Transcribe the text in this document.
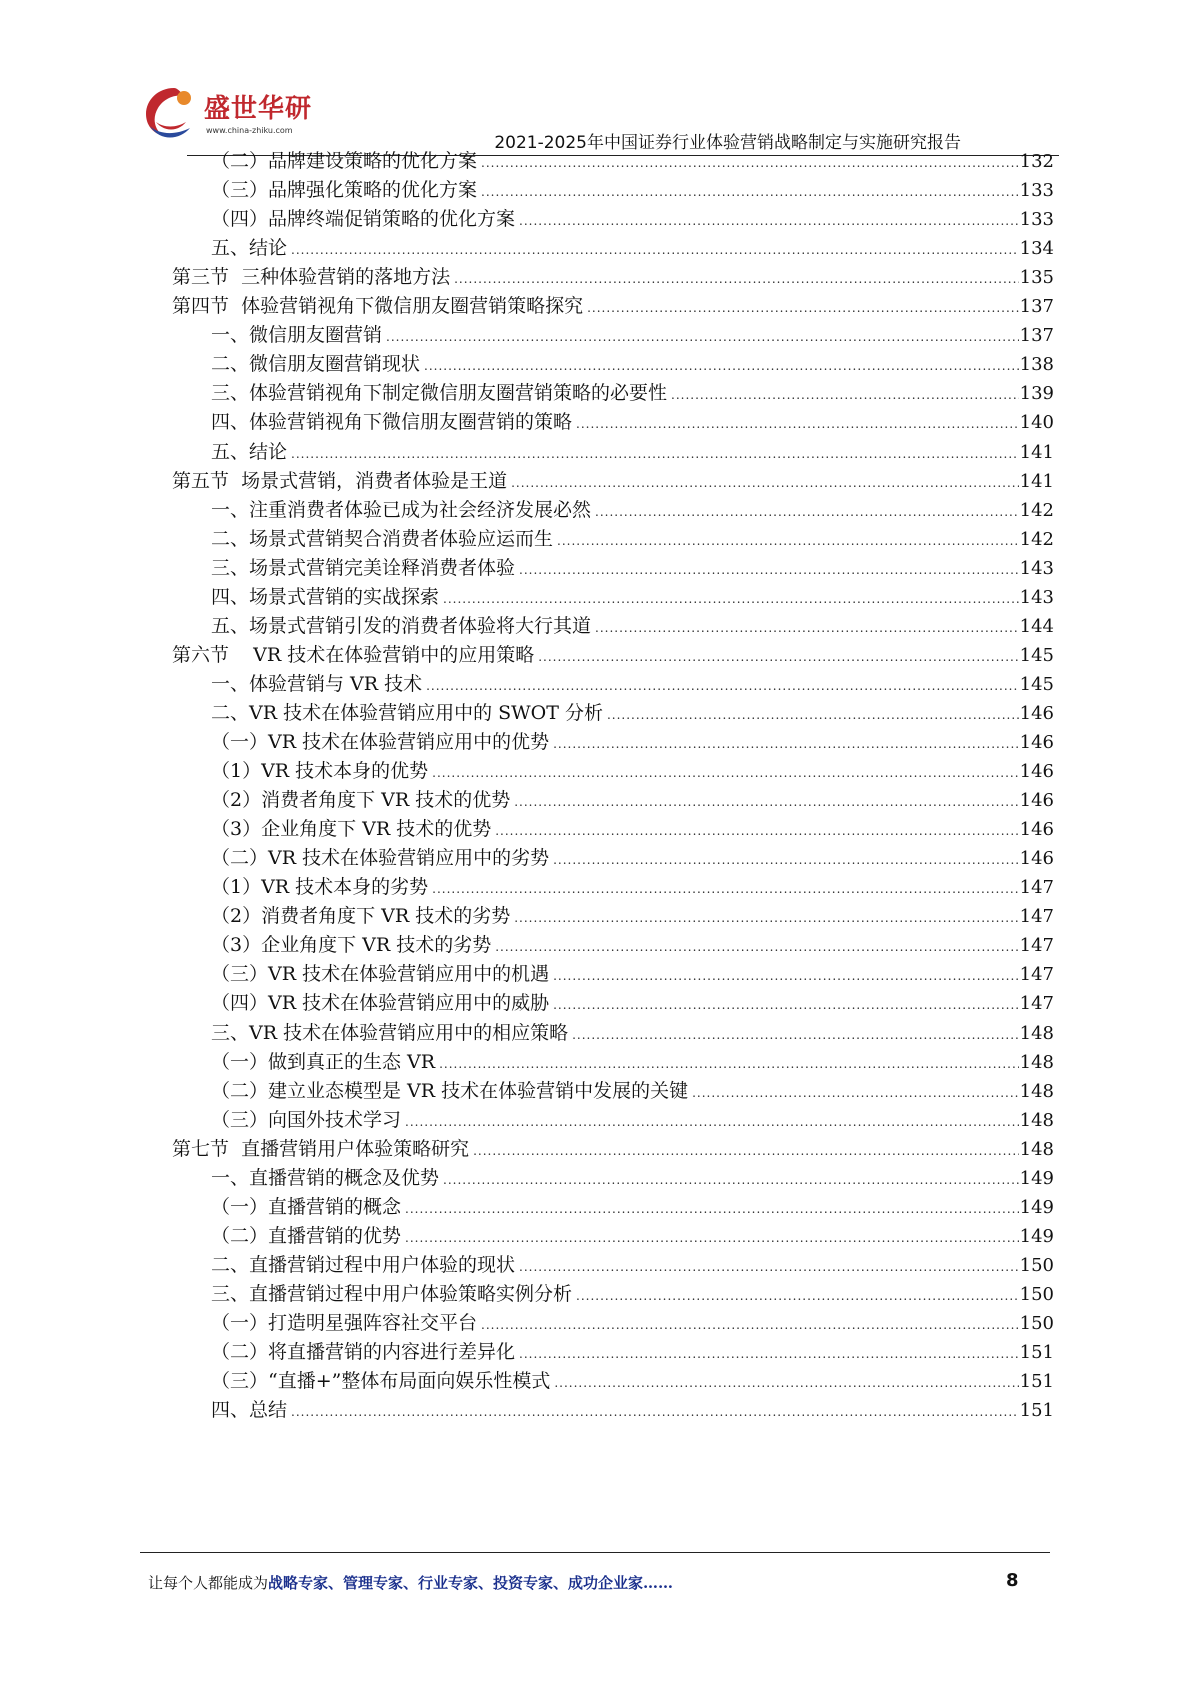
盛世华研
www.china-zhiku.com
2021-2025年中国证券行业体验营销战略制定与实施研究报告
（二）品牌建设策略的优化方案 .....	132
（三）品牌强化策略的优化方案 .....	133
（四）品牌终端促销策略的优化方案 .....	133
五、结论 .....	134
第三节  三种体验营销的落地方法 .....	135
第四节  体验营销视角下微信朋友圈营销策略探究 .....	137
一、微信朋友圈营销 .....	137
二、微信朋友圈营销现状 .....	138
三、体验营销视角下制定微信朋友圈营销策略的必要性 .....	139
四、体验营销视角下微信朋友圈营销的策略 .....	140
五、结论 .....	141
第五节  场景式营销，消费者体验是王道 .....	141
一、注重消费者体验已成为社会经济发展必然 .....	142
二、场景式营销契合消费者体验应运而生 .....	142
三、场景式营销完美诠释消费者体验 .....	143
四、场景式营销的实战探索 .....	143
五、场景式营销引发的消费者体验将大行其道 .....	144
第六节    VR 技术在体验营销中的应用策略 .....	145
一、体验营销与 VR 技术 .....	145
二、VR 技术在体验营销应用中的 SWOT 分析 .....	146
（一）VR 技术在体验营销应用中的优势 .....	146
（1）VR 技术本身的优势 .....	146
（2）消费者角度下 VR 技术的优势 .....	146
（3）企业角度下 VR 技术的优势 .....	146
（二）VR 技术在体验营销应用中的劣势 .....	146
（1）VR 技术本身的劣势 .....	147
（2）消费者角度下 VR 技术的劣势 .....	147
（3）企业角度下 VR 技术的劣势 .....	147
（三）VR 技术在体验营销应用中的机遇 .....	147
（四）VR 技术在体验营销应用中的威胁 .....	147
三、VR 技术在体验营销应用中的相应策略 .....	148
（一）做到真正的生态 VR .....	148
（二）建立业态模型是 VR 技术在体验营销中发展的关键 .....	148
（三）向国外技术学习 .....	148
第七节  直播营销用户体验策略研究 .....	148
一、直播营销的概念及优势 .....	149
（一）直播营销的概念 .....	149
（二）直播营销的优势 .....	149
二、直播营销过程中用户体验的现状 .....	150
三、直播营销过程中用户体验策略实例分析 .....	150
（一）打造明星强阵容社交平台 .....	150
（二）将直播营销的内容进行差异化 .....	151
（三）“直播+”整体布局面向娱乐性模式 .....	151
四、总结 .....	151
让每个人都能成为战略专家、管理专家、行业专家、投资专家、成功企业家……	8
